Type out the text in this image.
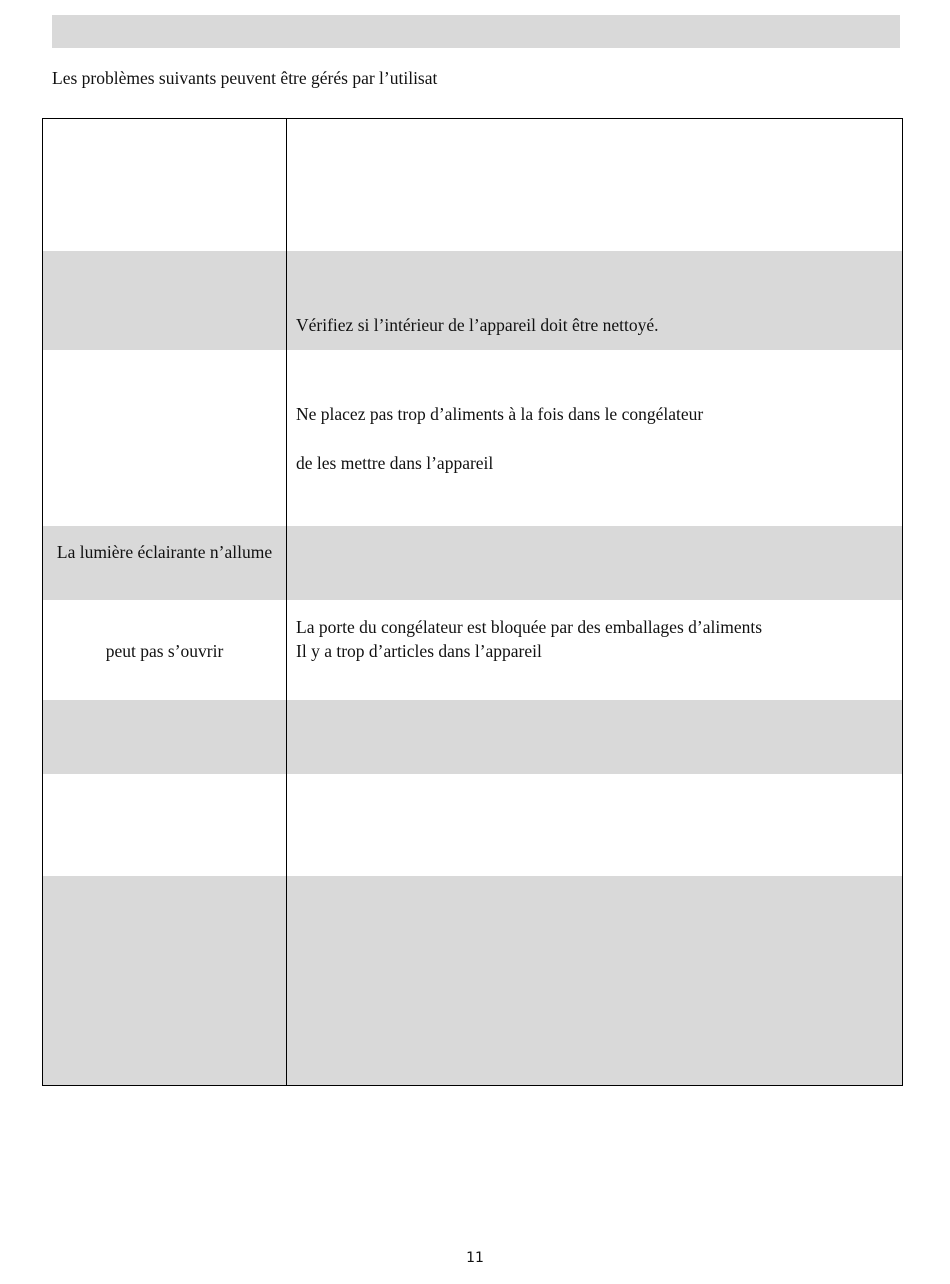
Les problèmes suivants peuvent être gérés par l’utilisat
Vérifiez si l’intérieur de l’appareil doit être nettoyé.
Ne placez pas trop d’aliments à la fois dans le congélateur
de les mettre dans l’appareil
La lumière éclairante n’allume
peut pas s’ouvrir
La porte du congélateur est bloquée par des emballages d’aliments
Il y a trop d’articles dans l’appareil
11
